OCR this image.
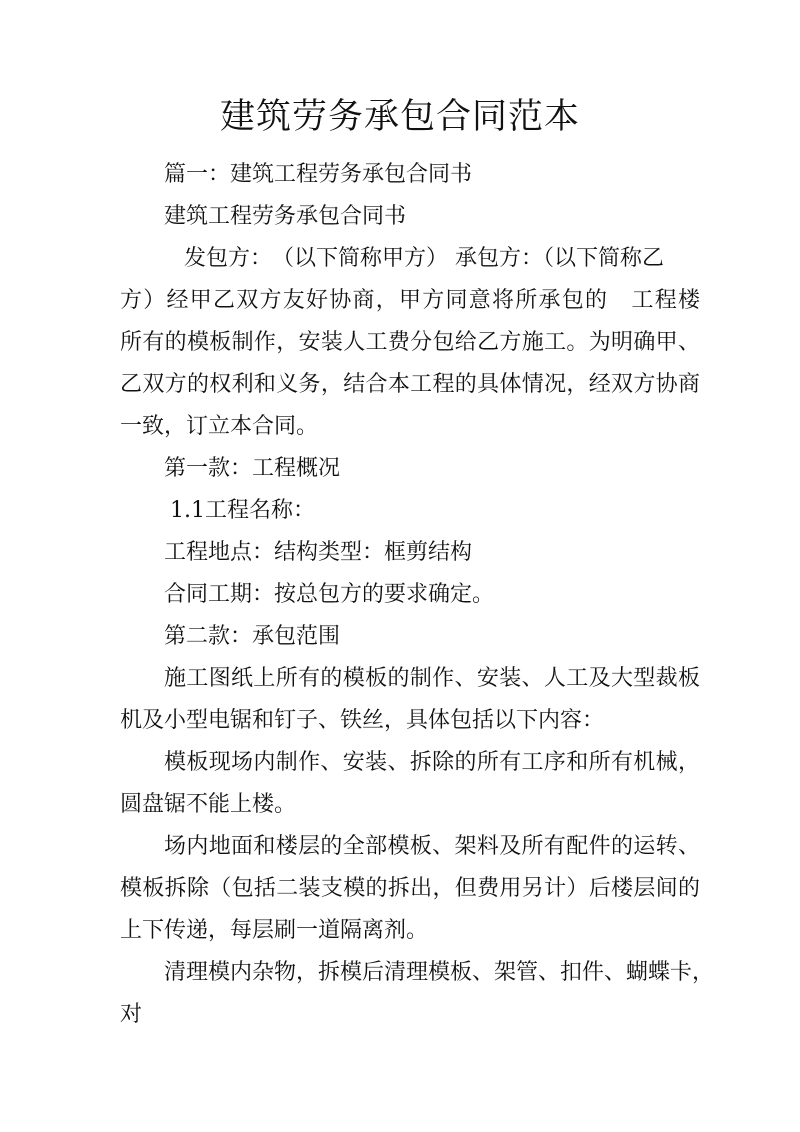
建筑劳务承包合同范本

篇一：建筑工程劳务承包合同书

建筑工程劳务承包合同书

发包方：　（以下简称甲方） 承包方：（以下简称乙

方）经甲乙双方友好协商，甲方同意将所承包的　工程楼

所有的模板制作，安装人工费分包给乙方施工。为明确甲、

乙双方的权利和义务，结合本工程的具体情况，经双方协商

一致，订立本合同。

第一款：工程概况

1.1工程名称：

工程地点：结构类型：框剪结构

合同工期：按总包方的要求确定。

第二款：承包范围

施工图纸上所有的模板的制作、安装、人工及大型裁板

机及小型电锯和钉子、铁丝，具体包括以下内容：

模板现场内制作、安装、拆除的所有工序和所有机械，

圆盘锯不能上楼。

场内地面和楼层的全部模板、架料及所有配件的运转、

模板拆除（包括二装支模的拆出，但费用另计）后楼层间的

上下传递，每层刷一道隔离剂。

清理模内杂物，拆模后清理模板、架管、扣件、蝴蝶卡，

对
